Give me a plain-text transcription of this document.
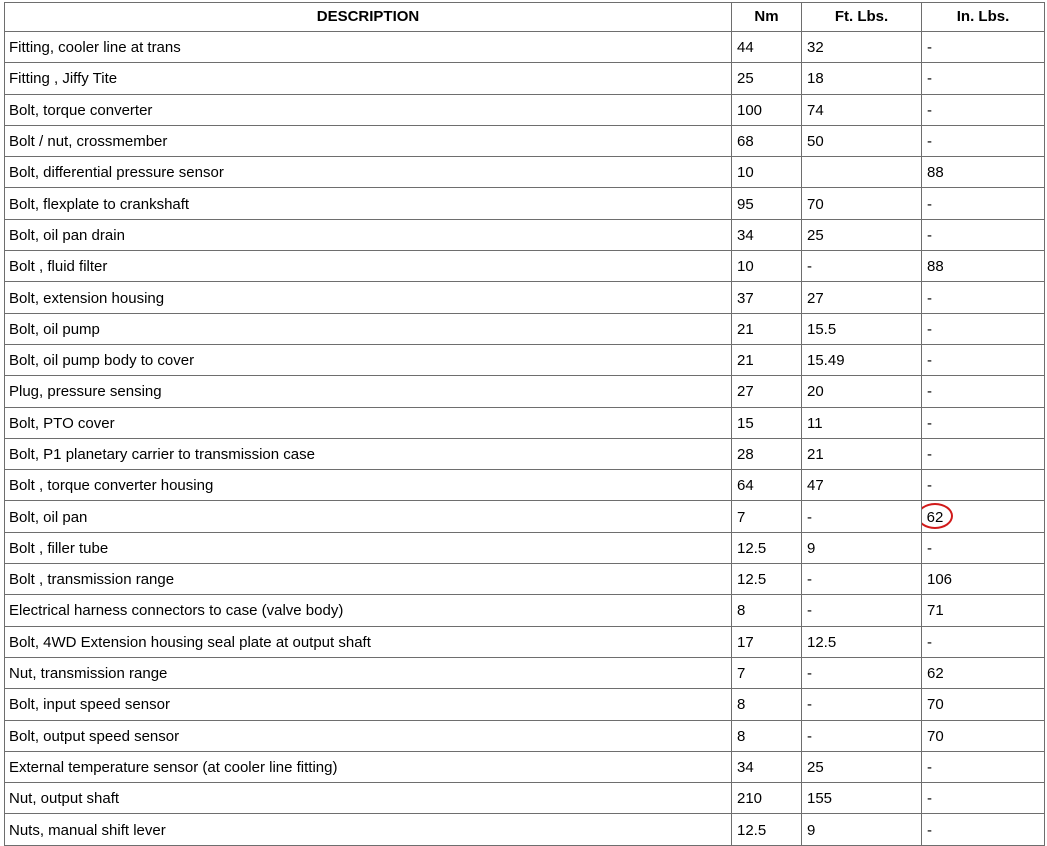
DESCRIPTION	Nm	Ft. Lbs.	In. Lbs.
Fitting, cooler line at trans	44	32	-
Fitting , Jiffy Tite	25	18	-
Bolt, torque converter	100	74	-
Bolt / nut, crossmember	68	50	-
Bolt, differential pressure sensor	10		88
Bolt, flexplate to crankshaft	95	70	-
Bolt, oil pan drain	34	25	-
Bolt , fluid filter	10	-	88
Bolt, extension housing	37	27	-
Bolt, oil pump	21	15.5	-
Bolt, oil pump body to cover	21	15.49	-
Plug, pressure sensing	27	20	-
Bolt, PTO cover	15	11	-
Bolt, P1 planetary carrier to transmission case	28	21	-
Bolt , torque converter housing	64	47	-
Bolt, oil pan	7	-	62
Bolt , filler tube	12.5	9	-
Bolt , transmission range	12.5	-	106
Electrical harness connectors to case (valve body)	8	-	71
Bolt, 4WD Extension housing seal plate at output shaft	17	12.5	-
Nut, transmission range	7	-	62
Bolt, input speed sensor	8	-	70
Bolt, output speed sensor	8	-	70
External temperature sensor (at cooler line fitting)	34	25	-
Nut, output shaft	210	155	-
Nuts, manual shift lever	12.5	9	-
